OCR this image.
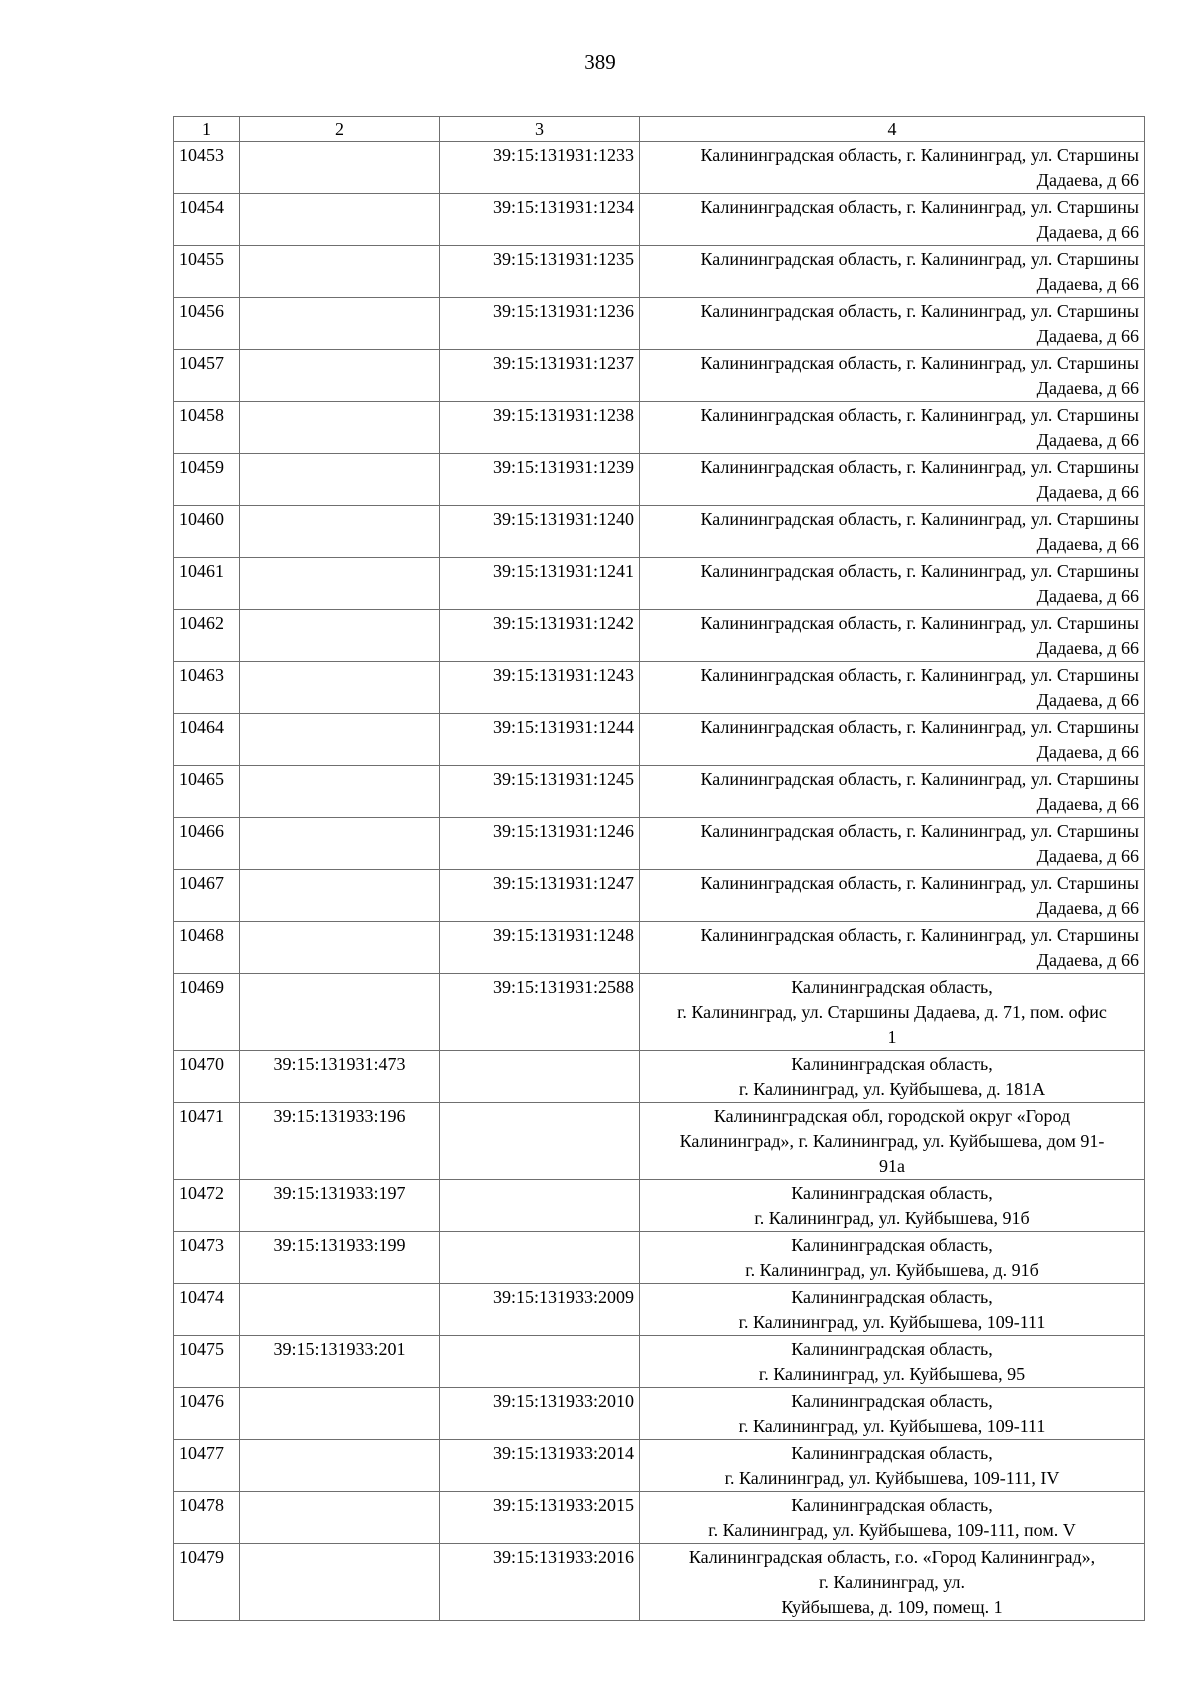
389
1	2	3	4
10453		39:15:131931:1233	Калининградская область, г. Калининград, ул. Старшины
Дадаева, д 66

10454		39:15:131931:1234	Калининградская область, г. Калининград, ул. Старшины
Дадаева, д 66

10455		39:15:131931:1235	Калининградская область, г. Калининград, ул. Старшины
Дадаева, д 66

10456		39:15:131931:1236	Калининградская область, г. Калининград, ул. Старшины
Дадаева, д 66

10457		39:15:131931:1237	Калининградская область, г. Калининград, ул. Старшины
Дадаева, д 66

10458		39:15:131931:1238	Калининградская область, г. Калининград, ул. Старшины
Дадаева, д 66

10459		39:15:131931:1239	Калининградская область, г. Калининград, ул. Старшины
Дадаева, д 66

10460		39:15:131931:1240	Калининградская область, г. Калининград, ул. Старшины
Дадаева, д 66

10461		39:15:131931:1241	Калининградская область, г. Калининград, ул. Старшины
Дадаева, д 66

10462		39:15:131931:1242	Калининградская область, г. Калининград, ул. Старшины
Дадаева, д 66

10463		39:15:131931:1243	Калининградская область, г. Калининград, ул. Старшины
Дадаева, д 66

10464		39:15:131931:1244	Калининградская область, г. Калининград, ул. Старшины
Дадаева, д 66

10465		39:15:131931:1245	Калининградская область, г. Калининград, ул. Старшины
Дадаева, д 66

10466		39:15:131931:1246	Калининградская область, г. Калининград, ул. Старшины
Дадаева, д 66

10467		39:15:131931:1247	Калининградская область, г. Калининград, ул. Старшины
Дадаева, д 66

10468		39:15:131931:1248	Калининградская область, г. Калининград, ул. Старшины
Дадаева, д 66

10469		39:15:131931:2588	Калининградская область,
г. Калининград, ул. Старшины Дадаева, д. 71, пом. офис
1

10470	39:15:131931:473		Калининградская область,
г. Калининград, ул. Куйбышева, д. 181А

10471	39:15:131933:196		Калининградская обл, городской округ «Город
Калининград», г. Калининград, ул. Куйбышева, дом 91-
91а

10472	39:15:131933:197		Калининградская область,
г. Калининград, ул. Куйбышева, 91б

10473	39:15:131933:199		Калининградская область,
г. Калининград, ул. Куйбышева, д. 91б

10474		39:15:131933:2009	Калининградская область,
г. Калининград, ул. Куйбышева, 109-111

10475	39:15:131933:201		Калининградская область,
г. Калининград, ул. Куйбышева, 95

10476		39:15:131933:2010	Калининградская область,
г. Калининград, ул. Куйбышева, 109-111

10477		39:15:131933:2014	Калининградская область,
г. Калининград, ул. Куйбышева, 109-111, IV

10478		39:15:131933:2015	Калининградская область,
г. Калининград, ул. Куйбышева, 109-111, пом. V

10479		39:15:131933:2016	Калининградская область, г.о. «Город Калининград»,
г. Калининград, ул.
Куйбышева, д. 109, помещ. 1
